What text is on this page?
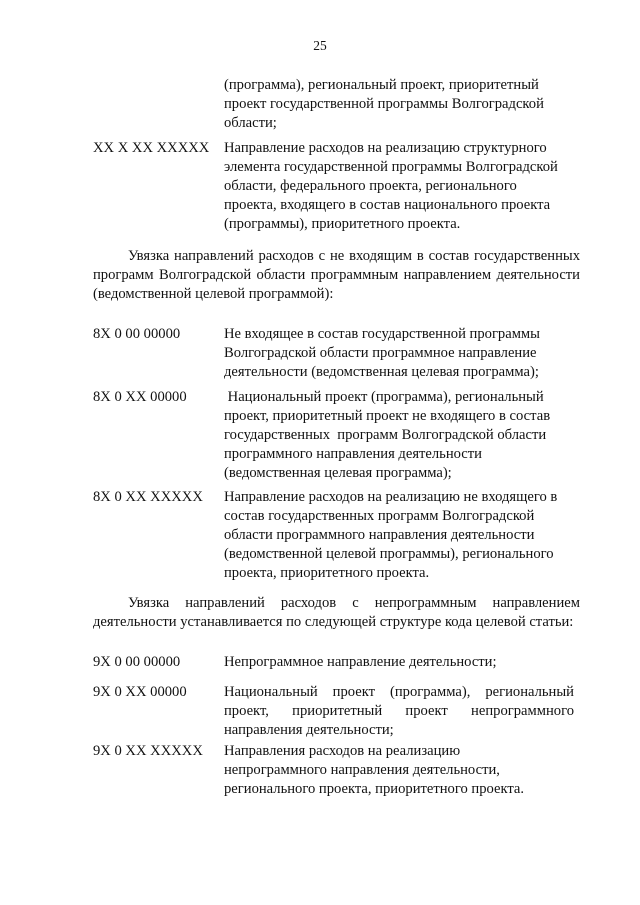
25
(программа), региональный проект, приоритетный
проект государственной программы Волгоградской
области;
XX X XX XXXXX Направление расходов на реализацию структурного
элемента государственной программы Волгоградской
области, федерального проекта, регионального
проекта, входящего в состав национального проекта
(программы), приоритетного проекта.
Увязка направлений расходов с не входящим в состав государственных программ Волгоградской области программным направлением деятельности (ведомственной целевой программой):
8X 0 00 00000	Не входящее в состав государственной программы
Волгоградской области программное направление
деятельности (ведомственная целевая программа);
8X 0 XX 00000	Национальный проект (программа), региональный
проект, приоритетный проект не входящего в состав
государственных  программ Волгоградской области
программного направления деятельности
(ведомственная целевая программа);
8X 0 XX XXXXX Направление расходов на реализацию не входящего в
состав государственных программ Волгоградской
области программного направления деятельности
(ведомственной целевой программы), регионального
проекта, приоритетного проекта.
Увязка направлений расходов с непрограммным направлением деятельности устанавливается по следующей структуре кода целевой статьи:
9X 0 00 00000	Непрограммное направление деятельности;
9X 0 XX 00000	Национальный проект (программа), региональный проект, приоритетный проект непрограммного направления деятельности;
9X 0 XX XXXXX Направления расходов на реализацию
непрограммного направления деятельности,
регионального проекта, приоритетного проекта.
